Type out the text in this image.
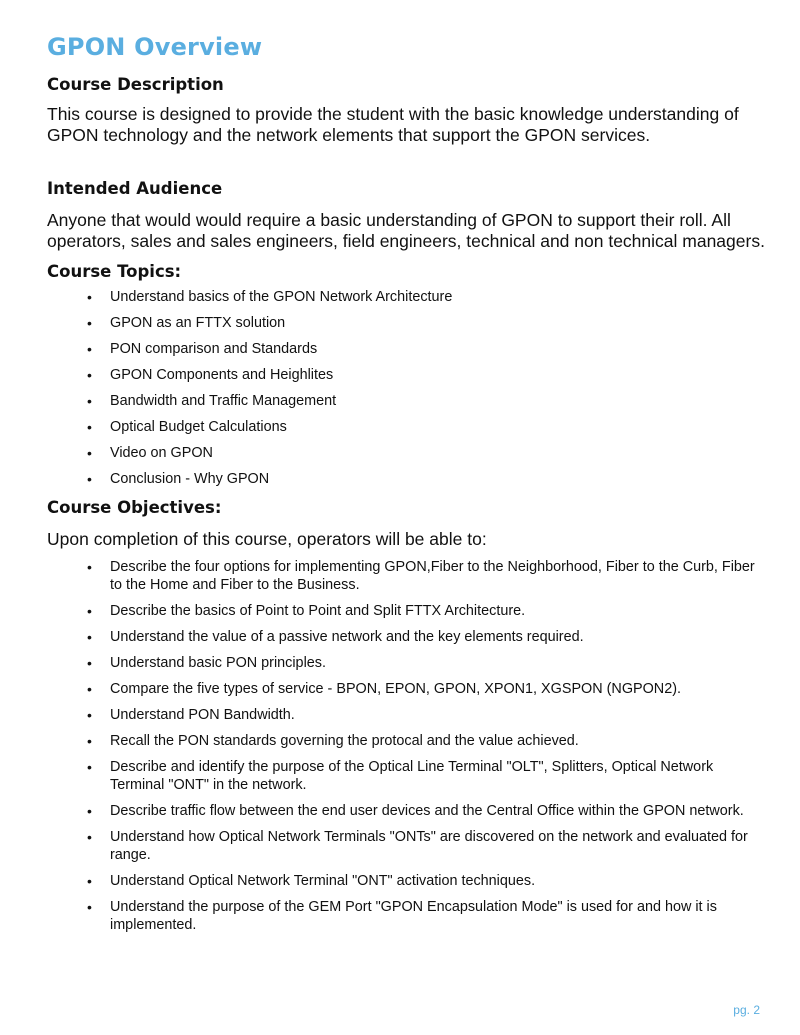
GPON Overview
Course Description

This course is designed to provide the student with the basic knowledge understanding of GPON technology and the network elements that support the GPON services.

Intended Audience

Anyone that would would require a basic understanding of GPON to support their roll. All operators, sales and sales engineers, field engineers, technical and non technical managers.

Course Topics:
• Understand basics of the GPON Network Architecture
• GPON as an FTTX solution
• PON comparison and Standards
• GPON Components and Heighlites
• Bandwidth and Traffic Management
• Optical Budget Calculations
• Video on GPON
• Conclusion - Why GPON
Course Objectives:

Upon completion of this course, operators will be able to:

• Describe the four options for implementing GPON,Fiber to the Neighborhood, Fiber to the Curb, Fiber to the Home and Fiber to the Business.
• Describe the basics of Point to Point and Split FTTX Architecture.
• Understand the value of a passive network and the key elements required.
• Understand basic PON principles.
• Compare the five types of service - BPON, EPON, GPON, XPON1, XGSPON (NGPON2).
• Understand PON Bandwidth.
• Recall the PON standards governing the protocal and the value achieved.
• Describe and identify the purpose of the Optical Line Terminal "OLT", Splitters, Optical Network Terminal "ONT" in the network.
• Describe traffic flow between the end user devices and the Central Office within the GPON network.
• Understand how Optical Network Terminals "ONTs" are discovered on the network and evaluated for range.
• Understand Optical Network Terminal "ONT" activation techniques.
• Understand the purpose of the GEM Port "GPON Encapsulation Mode" is used for and how it is implemented.
pg. 2
